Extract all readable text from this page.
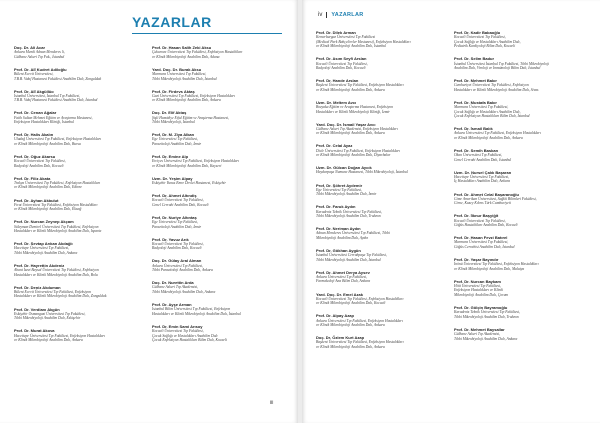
YAZARLAR
Doç. Dr. Ali Acar
Ankara Menik Adnan Menderes li,
Gülhane Askeri Tıp Fak., İstanbul
Prof. Dr. Alİ Kudret Adiloğlu
Bülent Ecevit Üniversitesi,
T.B.B. Vakıf Hastanesi Fakültesi Anabilim Dalı, Zonguldak
Prof. Dr. Alİ Akgüllüo
İstanbul Üniversitesi, İstanbul Tıp Fakültesi,
T.B.B. Vakıf Hastanesi Fakültesi Anabilim Dalı, İstanbul
Prof. Dr. Cenan Ağalar
Fatih Sultan Mehmet Eğitim ve Araştırma Hastanesi,
Enfeksiyon Hastalıkları Kliniği, İstanbul
Prof. Dr. Halis Akalın
Uludağ Üniversitesi Tıp Fakültesi, Enfeksiyon Hastalıkları
ve Klinik Mikrobiyoloji Anabilim Dalı, Bursa
Prof. Dr. Oğuz Akarsu
Kocaeli Üniversitesi Tıp Fakültesi,
Radyoloji Anabilim Dalı, Kocaeli
Prof. Dr. Filiz Akata
Trakya Üniversitesi Tıp Fakültesi, Enfeksiyon Hastalıkları
ve Klinik Mikrobiyoloji Anabilim Dalı, Edirne
Prof. Dr. Ayhan Akbulut
Fırat Üniversitesi Tıp Fakültesi, Enfeksiyon Hastalıkları
ve Klinik Mikrobiyoloji Anabilim Dalı, Elazığ
Prof. Dr. Nurcan Zeynep Akçam
Süleyman Demirel Üniversitesi Tıp Fakültesi, Enfeksiyon
Hastalıkları ve Klinik Mikrobiyoloji Anabilim Dalı, Isparta
Prof. Dr. Sevtap Arıkan Akdağlı
Hacettepe Üniversitesi Tıp Fakültesi,
Tıbbi Mikrobiyoloji Anabilim Dalı, Ankara
Prof. Dr. Hayrettin Akdeniz
Abant İzzet Baysal Üniversitesi Tıp Fakültesi, Enfeksiyon
Hastalıkları ve Klinik Mikrobiyoloji Anabilim Dalı, Bolu
Prof. Dr. Deniz Akduman
Bülent Ecevit Üniversitesi Tıp Fakültesi, Enfeksiyon
Hastalıkları ve Klinik Mikrobiyoloji Anabilim Dalı, Zonguldak
Prof. Dr. Verdianı Akgün
Eskişehir Osmangazi Üniversitesi Tıp Fakültesi,
Tıbbi Mikrobiyoloji Anabilim Dalı, Eskişehir
Prof. Dr. Murat Akova
Hacettepe Üniversitesi Tıp Fakültesi, Enfeksiyon Hastalıkları
ve Klinik Mikrobiyoloji Anabilim Dalı, Ankara
Prof. Dr. Hasan Salih Zeki Aksu
Çukurova Üniversitesi Tıp Fakültesi, Enfeksiyon Hastalıkları
ve Klinik Mikrobiyoloji Anabilim Dalı, Adana
Yard. Doç. Dr. Burak Aksu
Marmara Üniversitesi Tıp Fakültesi,
Tıbbi Mikrobiyoloji Anabilim Dalı, İstanbul
Prof. Dr. Firdevs Aktaş
Gazi Üniversitesi Tıp Fakültesi, Enfeksiyon Hastalıkları
ve Klinik Mikrobiyoloji Anabilim Dalı, Ankara
Doç. Dr. Elif Aktaş
Şişli Hamidiye Etfal Eğitim ve Araştırma Hastanesi,
Tıbbi Mikrobiyoloji, İstanbul
Prof. Dr. M. Ziya Alkan
Ege Üniversitesi Tıp Fakültesi,
Parazitoloji Anabilim Dalı, İzmir
Prof. Dr. Emine Alp
Erciyes Üniversitesi Tıp Fakültesi, Enfeksiyon Hastalıkları
ve Klinik Mikrobiyoloji Anabilim Dalı, Kayseri
Uzm. Dr. Yeşim Alpay
Eskişehir Yunus Emre Devlet Hastanesi, Eskişehir
Prof. Dr. Ahmet Altındiş
Kocaeli Üniversitesi Tıp Fakültesi,
Genel Cerrahi Anabilim Dalı, Kocaeli
Prof. Dr. Nuriye Altıntaş
Ege Üniversitesi Tıp Fakültesi,
Parazitoloji Anabilim Dalı, İzmir
Prof. Dr. Yavuz Arık
Kocaeli Üniversitesi Tıp Fakültesi,
Radyoloji Anabilim Dalı, Kocaeli
Doç. Dr. Gülay Aral Alman
Ankara Üniversitesi Tıp Fakültesi,
Tıbbi Parazitoloji Anabilim Dalı, Ankara
Doç. Dr. Nurettin Arda
Gülhane Askeri Tıp Akademisi,
Tıbbi Mikrobiyoloji Anabilim Dalı, Ankara
Prof. Dr. Ayşe Arman
İstanbul Bilim Üniversitesi Tıp Fakültesi, Enfeksiyon
Hastalıkları ve Klinik Mikrobiyoloji Anabilim Dalı, İstanbul
Prof. Dr. Emin Sami Arısoy
Kocaeli Üniversitesi Tıp Fakültesi,
Çocuk Sağlığı ve Hastalıkları Anabilim Dalı
Çocuk Enfeksiyon Hastalıkları Bilim Dalı, Kocaeli
iii
iv YAZARLAR
Prof. Dr. Dilek Arman
Kemerburgaz Üniversitesi Tıp Fakültesi
(Medical Park Bahçelievler Hastanesi), Enfeksiyon Hastalıkları
ve Klinik Mikrobiyoloji Anabilim Dalı, İstanbul
Prof. Dr. Asım Seyfi Arslan
Kocaeli Üniversitesi Tıp Fakültesi,
Radyoloji Anabilim Dalı, Kocaeli
Prof. Dr. Hande Arslan
Başkent Üniversitesi Tıp Fakültesi, Enfeksiyon Hastalıkları
ve Klinik Mikrobiyoloji Anabilim Dalı, Ankara
Uzm. Dr. Meltem Avcı
Bozyaka Eğitim ve Araştırma Hastanesi, Enfeksiyon
Hastalıkları ve Klinik Mikrobiyoloji Kliniği, İzmir
Yard. Doç. Dr. İsmail Yaşar Avcı
Gülhane Askeri Tıp Akademisi, Enfeksiyon Hastalıkları
ve Klinik Mikrobiyoloji Anabilim Dalı, Ankara
Prof. Dr. Celal Ayaz
Dicle Üniversitesi Tıp Fakültesi, Enfeksiyon Hastalıkları
ve Klinik Mikrobiyoloji Anabilim Dalı, Diyarbakır
Uzm. Dr. Gülcan Doğan Aycık
Haydarpaşa Numune Hastanesi, Tıbbi Mikrobiyoloji, İstanbul
Prof. Dr. Şöhret Aydemir
Ege Üniversitesi Tıp Fakültesi,
Tıbbi Mikrobiyoloji Anabilim Dalı, İzmir
Prof. Dr. Faruk Aydın
Karadeniz Teknik Üniversitesi Tıp Fakültesi,
Tıbbi Mikrobiyoloji Anabilim Dalı, Trabzon
Prof. Dr. Neriman Aydın
Adnan Menderes Üniversitesi Tıp Fakültesi, Tıbbi
Mikrobiyoloji Anabilim Dalı, Aydın
Prof. Dr. Gökhan Aygün
İstanbul Üniversitesi Cerrahpaşa Tıp Fakültesi,
Tıbbi Mikrobiyoloji Anabilim Dalı, İstanbul
Prof. Dr. Ahmet Derya Aysev
Ankara Üniversitesi Tıp Fakültesi,
Farmakoloji Ana Bilim Dalı, Ankara
Yard. Doç. Dr. Emel Azak
Kocaeli Üniversitesi Tıp Fakültesi, Enfeksiyon Hastalıkları
ve Klinik Mikrobiyoloji Anabilim Dalı, Kocaeli
Prof. Dr. Alpay Azap
Ankara Üniversitesi Tıp Fakültesi, Enfeksiyon Hastalıkları
ve Klinik Mikrobiyoloji Anabilim Dalı, Ankara
Doç. Dr. Özlem Kurt Azap
Başkent Üniversitesi Tıp Fakültesi, Enfeksiyon Hastalıkları
ve Klinik Mikrobiyoloji Anabilim Dalı, Ankara
Prof. Dr. Kadir Babaoğlu
Kocaeli Üniversitesi Tıp Fakültesi,
Çocuk Sağlığı ve Hastalıkları Anabilim Dalı,
Pediatrik Kardiyoloji Bilim Dalı, Kocaeli
Prof. Dr. Selim Badur
İstanbul Üniversitesi İstanbul Tıp Fakültesi, Tıbbi Mikrobiyoloji
Anabilim Dalı, Viroloji ve İmmünoloji Bilim Dalı, İstanbul
Prof. Dr. Mehmet Bakır
Cumhuriyet Üniversitesi Tıp Fakültesi, Enfeksiyon
Hastalıkları ve Klinik Mikrobiyoloji Anabilim Dalı, Sivas
Prof. Dr. Mustafa Bakır
Marmara Üniversitesi Tıp Fakültesi,
Çocuk Sağlığı ve Hastalıkları Anabilim Dalı,
Çocuk Enfeksiyon Hastalıkları Bilim Dalı, İstanbul
Prof. Dr. İsmail Balık
Ankara Üniversitesi Tıp Fakültesi, Enfeksiyon Hastalıkları
ve Klinik Mikrobiyoloji Anabilim Dalı, Ankara
Prof. Dr. Semih Baskan
Okan Üniversitesi Tıp Fakültesi,
Genel Cerrahi Anabilim Dalı, İstanbul
Uzm. Dr. Nursel Çalık Başaran
Hacettepe Üniversitesi Tıp Fakültesi,
İç Hastalıkları Anabilim Dalı, Ankara
Prof. Dr. Ahmet Celal Başaranoğlu
Gime Amerikan Üniversitesi, Sağlık Bilimleri Fakültesi,
Girne, Kuzey Kıbrıs Türk Cumhuriyeti
Prof. Dr. İlknur Başyiğit
Kocaeli Üniversitesi Tıp Fakültesi,
Göğüs Hastalıkları Anabilim Dalı, Kocaeli
Prof. Dr. Hasan Fevzi Batırel
Marmara Üniversitesi Tıp Fakültesi,
Göğüs Cerrahisi Anabilim Dalı, İstanbul
Prof. Dr. Yaşar Bayındır
İnönü Üniversitesi Tıp Fakültesi, Enfeksiyon Hastalıkları
ve Klinik Mikrobiyoloji Anabilim Dalı, Malatya
Prof. Dr. Nurcan Baykam
Hitit Üniversitesi Tıp Fakültesi,
Enfeksiyon Hastalıkları ve Klinik
Mikrobiyoloji Anabilim Dalı, Çorum
Prof. Dr. Gölçin Bayramoğlu
Karadeniz Teknik Üniversitesi Tıp Fakültesi,
Tıbbi Mikrobiyoloji Anabilim Dalı, Trabzon
Prof. Dr. Mehmet Baysallar
Gülhane Askeri Tıp Akademisi,
Tıbbi Mikrobiyoloji Anabilim Dalı, Ankara
